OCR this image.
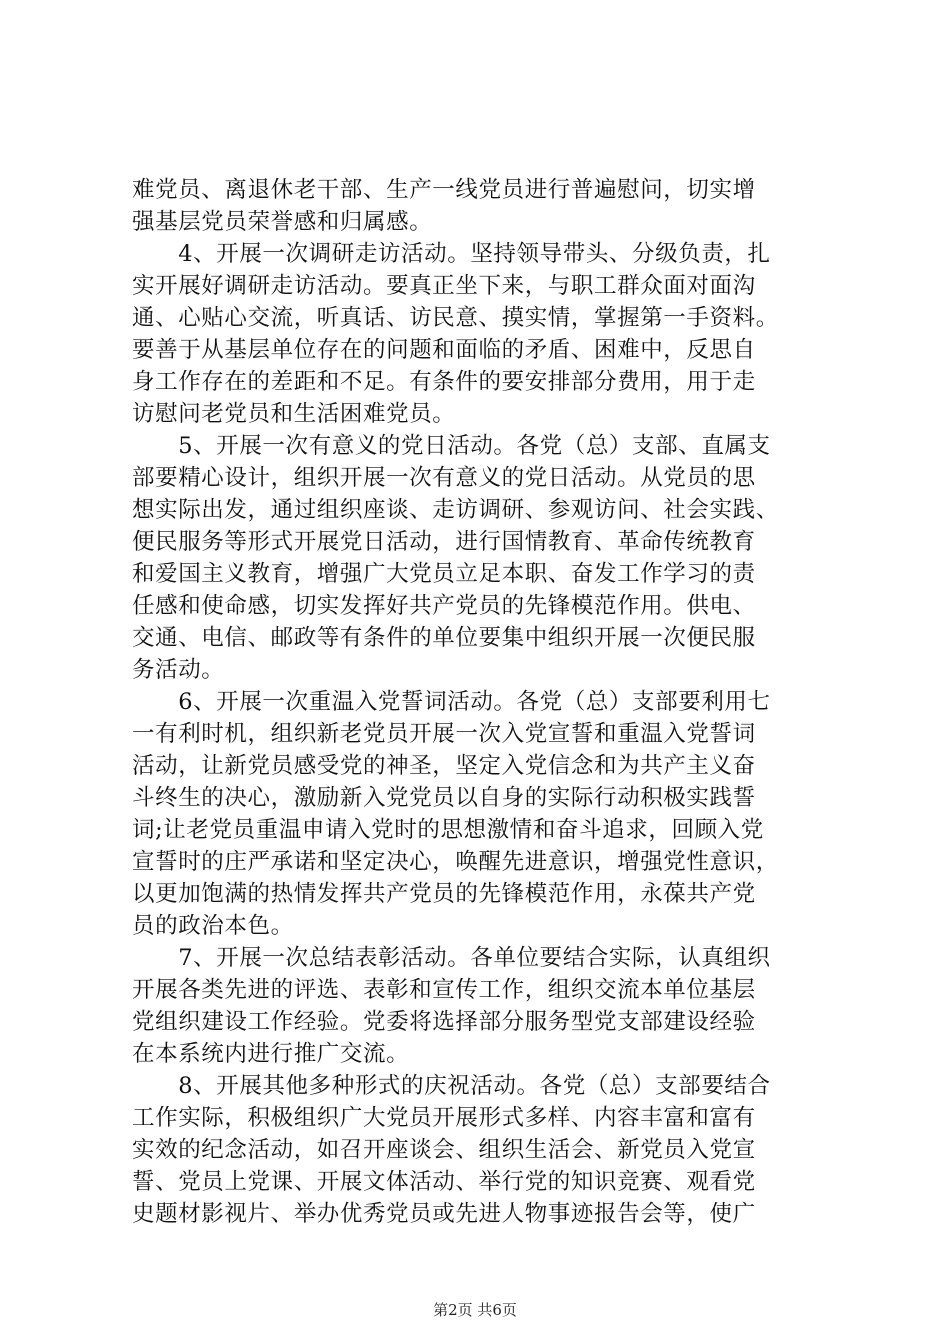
难党员、离退休老干部、生产一线党员进行普遍慰问，切实增
强基层党员荣誉感和归属感。
　　4、开展一次调研走访活动。坚持领导带头、分级负责，扎
实开展好调研走访活动。要真正坐下来，与职工群众面对面沟
通、心贴心交流，听真话、访民意、摸实情，掌握第一手资料。
要善于从基层单位存在的问题和面临的矛盾、困难中，反思自
身工作存在的差距和不足。有条件的要安排部分费用，用于走
访慰问老党员和生活困难党员。
　　5、开展一次有意义的党日活动。各党（总）支部、直属支
部要精心设计，组织开展一次有意义的党日活动。从党员的思
想实际出发，通过组织座谈、走访调研、参观访问、社会实践、
便民服务等形式开展党日活动，进行国情教育、革命传统教育
和爱国主义教育，增强广大党员立足本职、奋发工作学习的责
任感和使命感，切实发挥好共产党员的先锋模范作用。供电、
交通、电信、邮政等有条件的单位要集中组织开展一次便民服
务活动。
　　6、开展一次重温入党誓词活动。各党（总）支部要利用七
一有利时机，组织新老党员开展一次入党宣誓和重温入党誓词
活动，让新党员感受党的神圣，坚定入党信念和为共产主义奋
斗终生的决心，激励新入党党员以自身的实际行动积极实践誓
词;让老党员重温申请入党时的思想激情和奋斗追求，回顾入党
宣誓时的庄严承诺和坚定决心，唤醒先进意识，增强党性意识，
以更加饱满的热情发挥共产党员的先锋模范作用，永葆共产党
员的政治本色。
　　7、开展一次总结表彰活动。各单位要结合实际，认真组织
开展各类先进的评选、表彰和宣传工作，组织交流本单位基层
党组织建设工作经验。党委将选择部分服务型党支部建设经验
在本系统内进行推广交流。
　　8、开展其他多种形式的庆祝活动。各党（总）支部要结合
工作实际，积极组织广大党员开展形式多样、内容丰富和富有
实效的纪念活动，如召开座谈会、组织生活会、新党员入党宣
誓、党员上党课、开展文体活动、举行党的知识竞赛、观看党
史题材影视片、举办优秀党员或先进人物事迹报告会等，使广
第2页 共6页
